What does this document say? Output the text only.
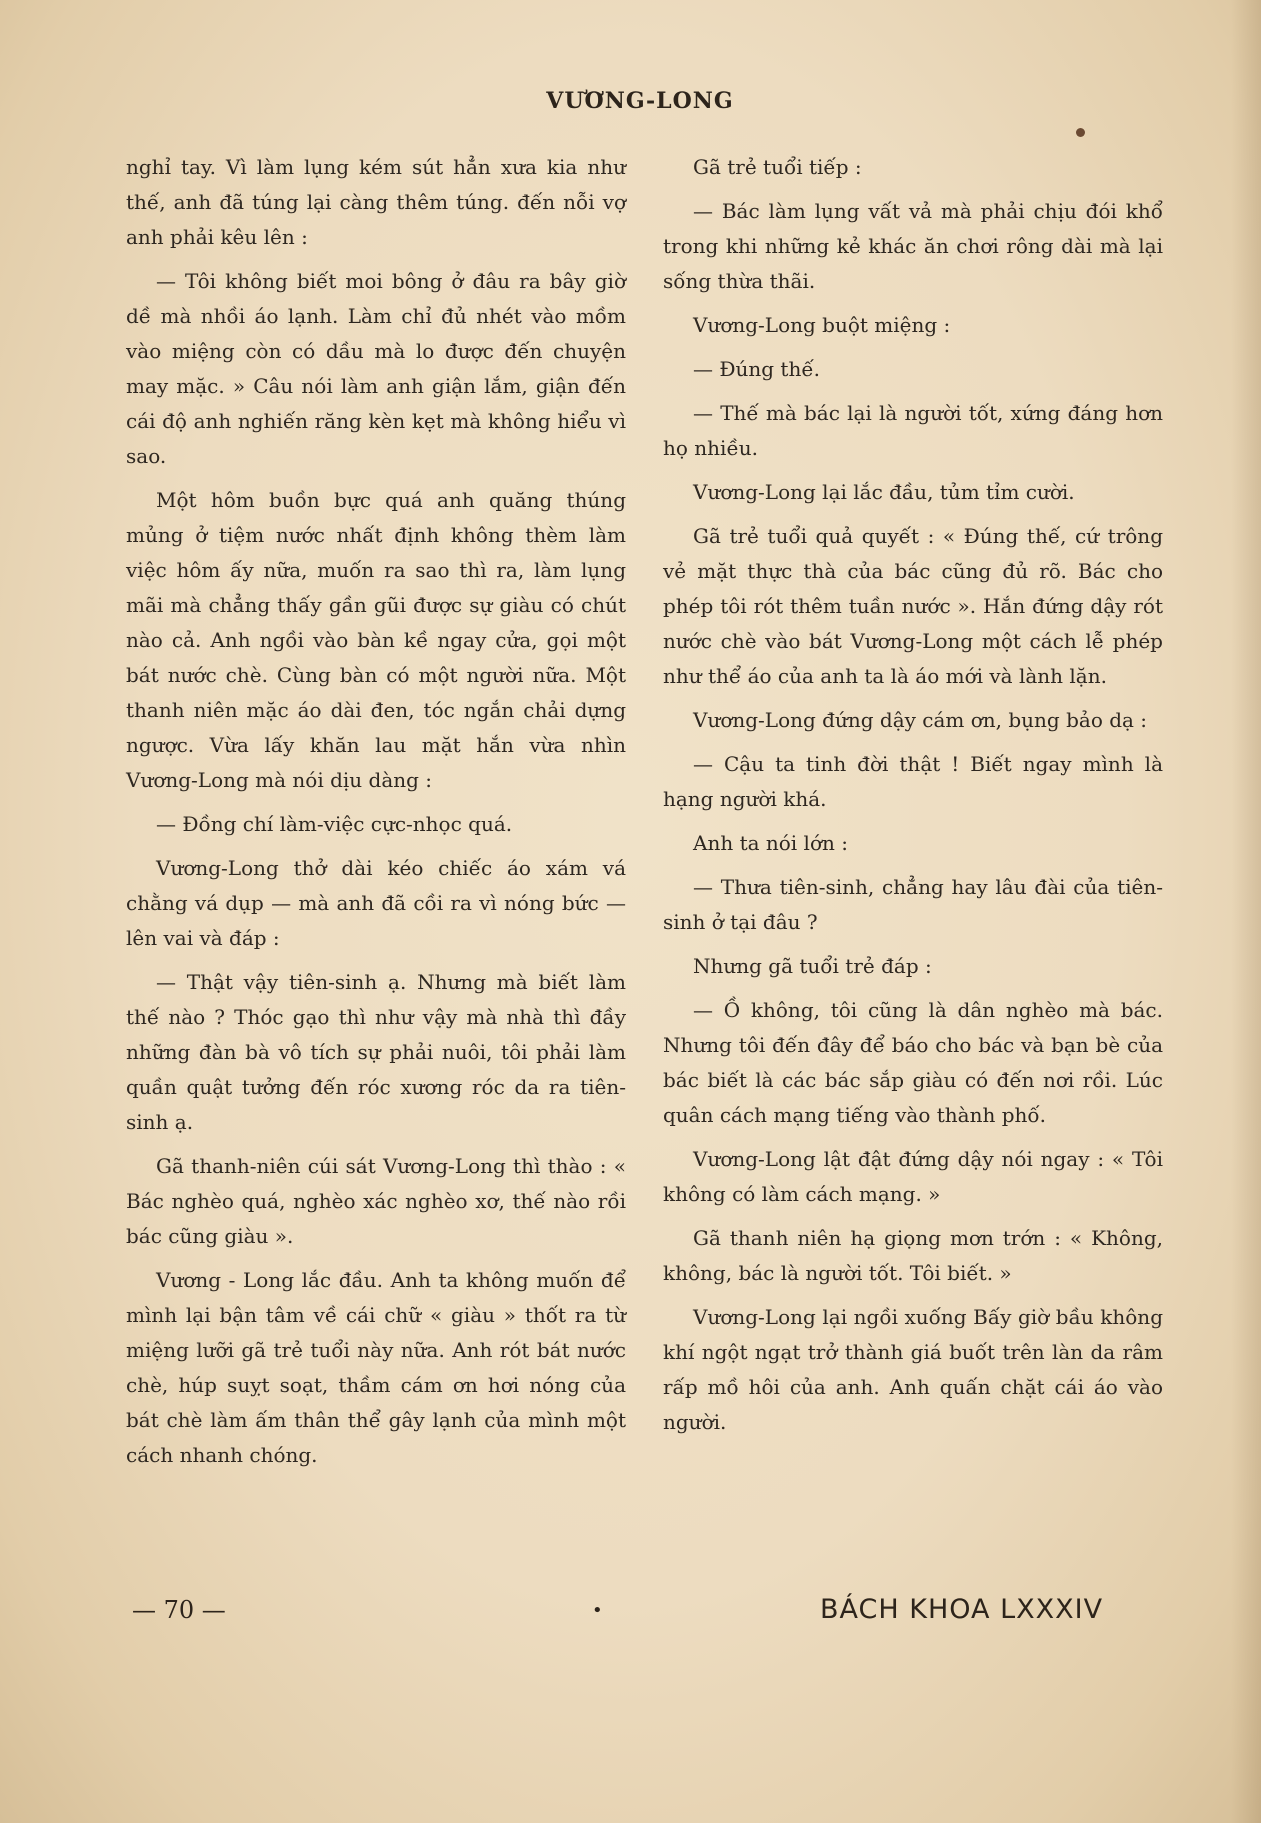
VƯƠNG-LONG

nghỉ tay. Vì làm lụng kém sút hẳn xưa kia như thế, anh đã túng lại càng thêm túng. đến nỗi vợ anh phải kêu lên :

— Tôi không biết moi bông ở đâu ra bây giờ dề mà nhồi áo lạnh. Làm chỉ đủ nhét vào mồm vào miệng còn có dầu mà lo được đến chuyện may mặc. » Câu nói làm anh giận lắm, giận đến cái độ anh nghiến răng kèn kẹt mà không hiểu vì sao.

Một hôm buồn bực quá anh quăng thúng mủng ở tiệm nước nhất định không thèm làm việc hôm ấy nữa, muốn ra sao thì ra, làm lụng mãi mà chẳng thấy gần gũi được sự giàu có chút nào cả. Anh ngồi vào bàn kề ngay cửa, gọi một bát nước chè. Cùng bàn có một người nữa. Một thanh niên mặc áo dài đen, tóc ngắn chải dựng ngược. Vừa lấy khăn lau mặt hắn vừa nhìn Vương-Long mà nói dịu dàng :

— Đồng chí làm-việc cực-nhọc quá.

Vương-Long thở dài kéo chiếc áo xám vá chằng vá dụp — mà anh đã cồi ra vì nóng bức — lên vai và đáp :

— Thật vậy tiên-sinh ạ. Nhưng mà biết làm thế nào ? Thóc gạo thì như vậy mà nhà thì đầy những đàn bà vô tích sự phải nuôi, tôi phải làm quần quật tưởng đến róc xương róc da ra tiên-sinh ạ.

Gã thanh-niên cúi sát Vương-Long thì thào : « Bác nghèo quá, nghèo xác nghèo xơ, thế nào rồi bác cũng giàu ».

Vương - Long lắc đầu. Anh ta không muốn để mình lại bận tâm về cái chữ « giàu » thốt ra từ miệng lưỡi gã trẻ tuổi này nữa. Anh rót bát nước chè, húp suỵt soạt, thầm cám ơn hơi nóng của bát chè làm ấm thân thể gây lạnh của mình một cách nhanh chóng.

Gã trẻ tuổi tiếp :

— Bác làm lụng vất vả mà phải chịu đói khổ trong khi những kẻ khác ăn chơi rông dài mà lại sống thừa thãi.

Vương-Long buột miệng :

— Đúng thế.

— Thế mà bác lại là người tốt, xứng đáng hơn họ nhiều.

Vương-Long lại lắc đầu, tủm tỉm cười.

Gã trẻ tuổi quả quyết : « Đúng thế, cứ trông vẻ mặt thực thà của bác cũng đủ rõ. Bác cho phép tôi rót thêm tuần nước ». Hắn đứng dậy rót nước chè vào bát Vương-Long một cách lễ phép như thể áo của anh ta là áo mới và lành lặn.

Vương-Long đứng dậy cám ơn, bụng bảo dạ :

— Cậu ta tinh đời thật ! Biết ngay mình là hạng người khá.

Anh ta nói lớn :

— Thưa tiên-sinh, chẳng hay lâu đài của tiên-sinh ở tại đâu ?

Nhưng gã tuổi trẻ đáp :

— Ồ không, tôi cũng là dân nghèo mà bác. Nhưng tôi đến đây để báo cho bác và bạn bè của bác biết là các bác sắp giàu có đến nơi rồi. Lúc quân cách mạng tiếng vào thành phố.

Vương-Long lật đật đứng dậy nói ngay : « Tôi không có làm cách mạng. »

Gã thanh niên hạ giọng mơn trớn : « Không, không, bác là người tốt. Tôi biết. »

Vương-Long lại ngồi xuống Bấy giờ bầu không khí ngột ngạt trở thành giá buốt trên làn da râm rấp mồ hôi của anh. Anh quấn chặt cái áo vào người.

— 70 —	•	BÁCH KHOA LXXXIV
